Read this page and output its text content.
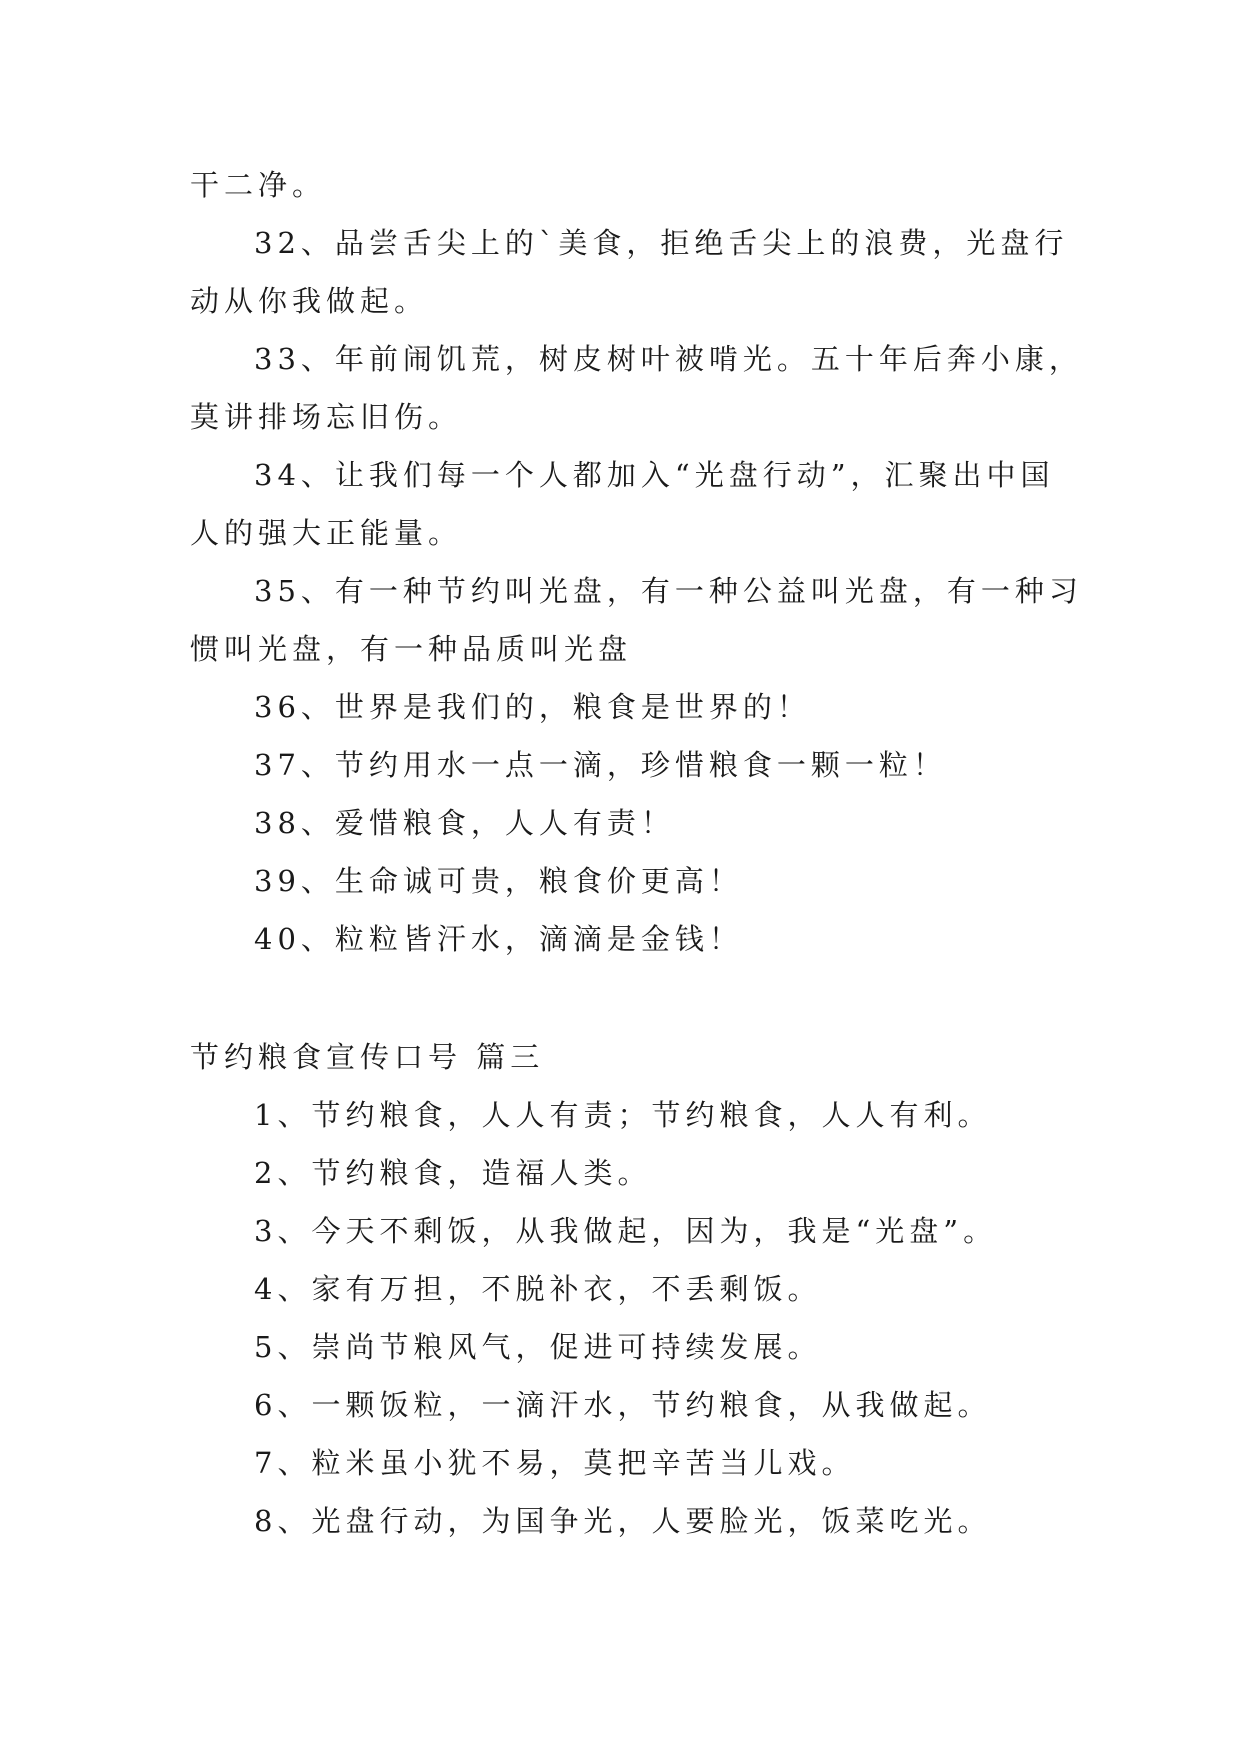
干二净。
32、品尝舌尖上的`美食，拒绝舌尖上的浪费，光盘行
动从你我做起。
33、年前闹饥荒，树皮树叶被啃光。五十年后奔小康，
莫讲排场忘旧伤。
34、让我们每一个人都加入“光盘行动”，汇聚出中国
人的强大正能量。
35、有一种节约叫光盘，有一种公益叫光盘，有一种习
惯叫光盘，有一种品质叫光盘
36、世界是我们的，粮食是世界的！
37、节约用水一点一滴，珍惜粮食一颗一粒！
38、爱惜粮食，人人有责！
39、生命诚可贵，粮食价更高！
40、粒粒皆汗水，滴滴是金钱！
节约粮食宣传口号 篇三
1、节约粮食，人人有责；节约粮食，人人有利。
2、节约粮食，造福人类。
3、今天不剩饭，从我做起，因为，我是“光盘”。
4、家有万担，不脱补衣，不丢剩饭。
5、崇尚节粮风气，促进可持续发展。
6、一颗饭粒，一滴汗水，节约粮食，从我做起。
7、粒米虽小犹不易，莫把辛苦当儿戏。
8、光盘行动，为国争光，人要脸光，饭菜吃光。
